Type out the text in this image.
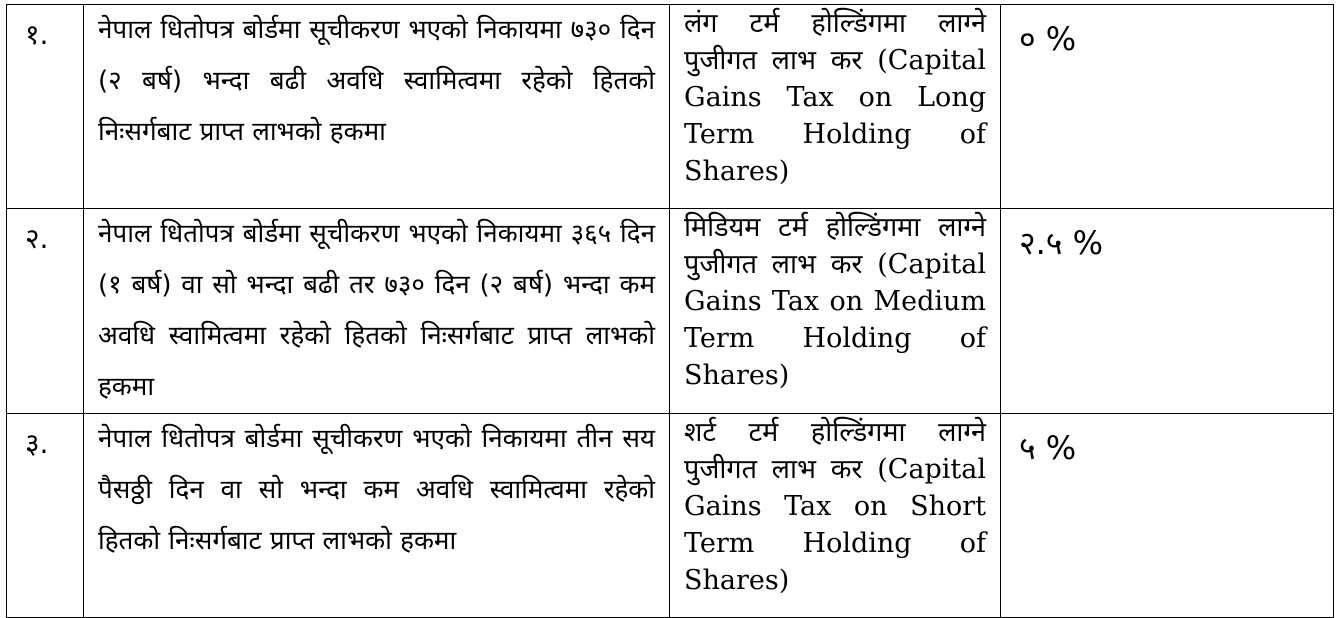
१.	नेपाल धितोपत्र बोर्डमा सूचीकरण भएको निकायमा ७३० दिन (२ बर्ष) भन्दा बढी अवधि स्वामित्वमा रहेको हितको निःसर्गबाट प्राप्त लाभको हकमा	लंग टर्म होल्डिंगमा लाग्ने पुजीगत लाभ कर (Capital Gains Tax on Long Term Holding of Shares)	० %

२.	नेपाल धितोपत्र बोर्डमा सूचीकरण भएको निकायमा ३६५ दिन (१ बर्ष) वा सो भन्दा बढी तर ७३० दिन (२ बर्ष) भन्दा कम अवधि स्वामित्वमा रहेको हितको निःसर्गबाट प्राप्त लाभको हकमा	मिडियम टर्म होल्डिंगमा लाग्ने पुजीगत लाभ कर (Capital Gains Tax on Medium Term Holding of Shares)	२.५ %

३.	नेपाल धितोपत्र बोर्डमा सूचीकरण भएको निकायमा तीन सय पैसठ्ठी दिन वा सो भन्दा कम अवधि स्वामित्वमा रहेको हितको निःसर्गबाट प्राप्त लाभको हकमा	शर्ट टर्म होल्डिंगमा लाग्ने पुजीगत लाभ कर (Capital Gains Tax on Short Term Holding of Shares)	५ %
